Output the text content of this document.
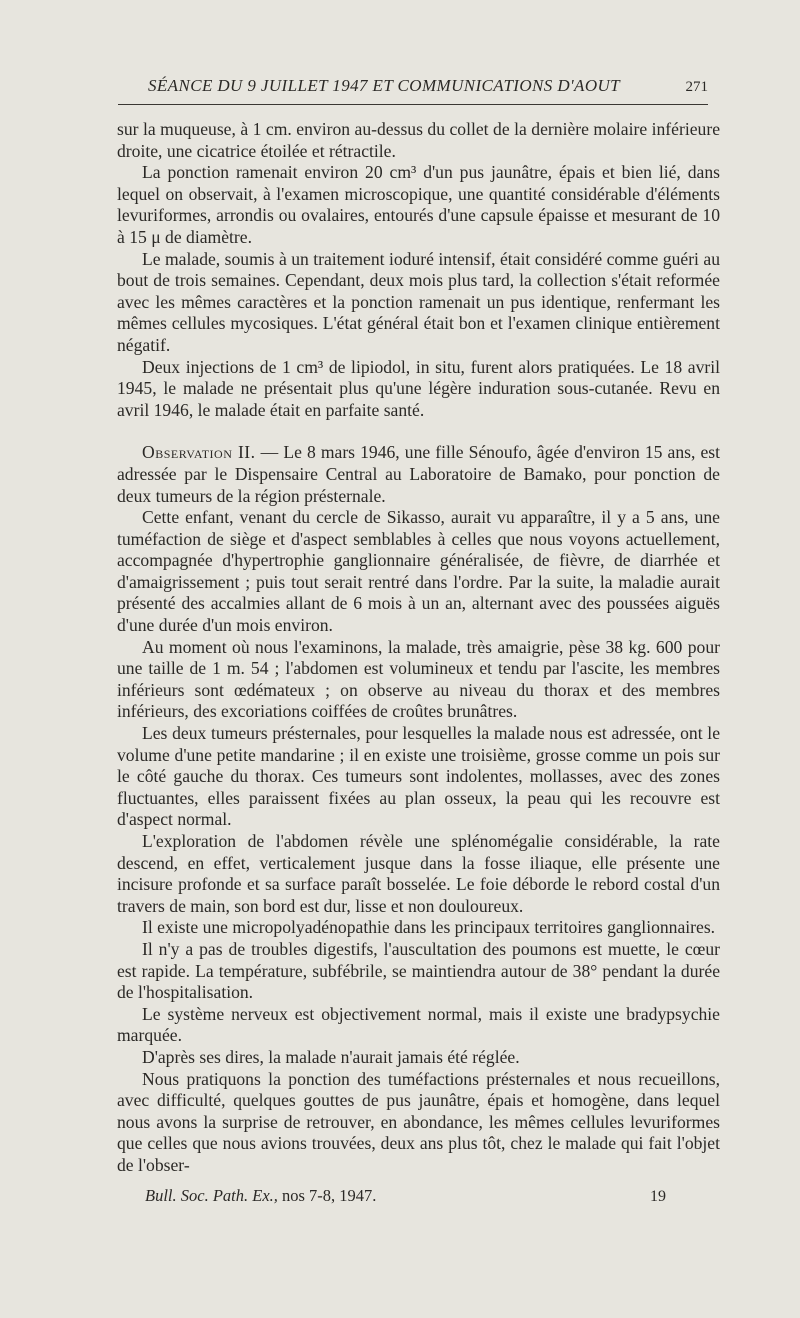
SÉANCE DU 9 JUILLET 1947 ET COMMUNICATIONS D'AOUT	271

sur la muqueuse, à 1 cm. environ au-dessus du collet de la dernière molaire inférieure droite, une cicatrice étoilée et rétractile.

La ponction ramenait environ 20 cm³ d'un pus jaunâtre, épais et bien lié, dans lequel on observait, à l'examen microscopique, une quantité considérable d'éléments levuriformes, arrondis ou ovalaires, entourés d'une capsule épaisse et mesurant de 10 à 15 μ de diamètre.

Le malade, soumis à un traitement ioduré intensif, était considéré comme guéri au bout de trois semaines. Cependant, deux mois plus tard, la collection s'était reformée avec les mêmes caractères et la ponction ramenait un pus identique, renfermant les mêmes cellules mycosiques. L'état général était bon et l'examen clinique entièrement négatif.

Deux injections de 1 cm³ de lipiodol, in situ, furent alors pratiquées. Le 18 avril 1945, le malade ne présentait plus qu'une légère induration sous-cutanée. Revu en avril 1946, le malade était en parfaite santé.

Observation II. — Le 8 mars 1946, une fille Sénoufo, âgée d'environ 15 ans, est adressée par le Dispensaire Central au Laboratoire de Bamako, pour ponction de deux tumeurs de la région présternale.

Cette enfant, venant du cercle de Sikasso, aurait vu apparaître, il y a 5 ans, une tuméfaction de siège et d'aspect semblables à celles que nous voyons actuellement, accompagnée d'hypertrophie ganglionnaire généralisée, de fièvre, de diarrhée et d'amaigrissement ; puis tout serait rentré dans l'ordre. Par la suite, la maladie aurait présenté des accalmies allant de 6 mois à un an, alternant avec des poussées aiguës d'une durée d'un mois environ.

Au moment où nous l'examinons, la malade, très amaigrie, pèse 38 kg. 600 pour une taille de 1 m. 54 ; l'abdomen est volumineux et tendu par l'ascite, les membres inférieurs sont œdémateux ; on observe au niveau du thorax et des membres inférieurs, des excoriations coiffées de croûtes brunâtres.

Les deux tumeurs présternales, pour lesquelles la malade nous est adressée, ont le volume d'une petite mandarine ; il en existe une troisième, grosse comme un pois sur le côté gauche du thorax. Ces tumeurs sont indolentes, mollasses, avec des zones fluctuantes, elles paraissent fixées au plan osseux, la peau qui les recouvre est d'aspect normal.

L'exploration de l'abdomen révèle une splénomégalie considérable, la rate descend, en effet, verticalement jusque dans la fosse iliaque, elle présente une incisure profonde et sa surface paraît bosselée. Le foie déborde le rebord costal d'un travers de main, son bord est dur, lisse et non douloureux.

Il existe une micropolyadénopathie dans les principaux territoires ganglionnaires.

Il n'y a pas de troubles digestifs, l'auscultation des poumons est muette, le cœur est rapide. La température, subfébrile, se maintiendra autour de 38° pendant la durée de l'hospitalisation.

Le système nerveux est objectivement normal, mais il existe une bradypsychie marquée.

D'après ses dires, la malade n'aurait jamais été réglée.

Nous pratiquons la ponction des tuméfactions présternales et nous recueillons, avec difficulté, quelques gouttes de pus jaunâtre, épais et homogène, dans lequel nous avons la surprise de retrouver, en abondance, les mêmes cellules levuriformes que celles que nous avions trouvées, deux ans plus tôt, chez le malade qui fait l'objet de l'obser-

Bull. Soc. Path. Ex., nos 7-8, 1947.	19
